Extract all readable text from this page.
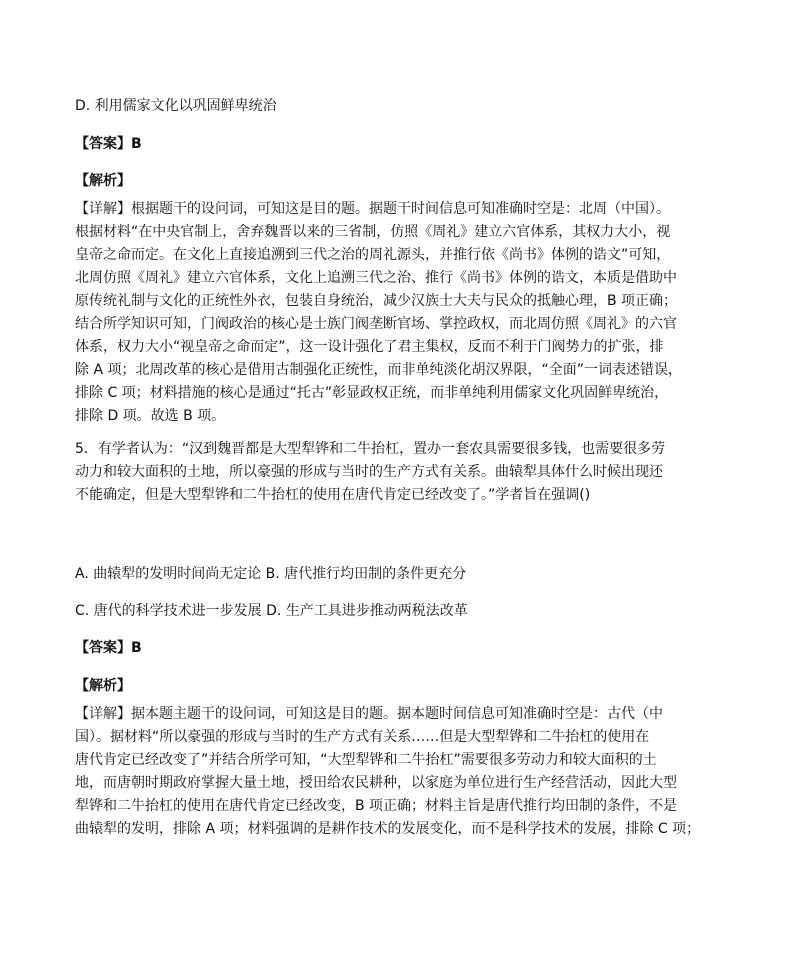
D. 利用儒家文化以巩固鲜卑统治
【答案】B
【解析】
【详解】根据题干的设问词，可知这是目的题。据题干时间信息可知准确时空是：北周（中国）。
根据材料“在中央官制上，舍弃魏晋以来的三省制，仿照《周礼》建立六官体系，其权力大小，视
皇帝之命而定。在文化上直接追溯到三代之治的周礼源头，并推行依《尚书》体例的诰文”可知，
北周仿照《周礼》建立六官体系，文化上追溯三代之治、推行《尚书》体例的诰文，本质是借助中
原传统礼制与文化的正统性外衣，包装自身统治，减少汉族士大夫与民众的抵触心理，B 项正确；
结合所学知识可知，门阀政治的核心是士族门阀垄断官场、掌控政权，而北周仿照《周礼》的六官
体系，权力大小“视皇帝之命而定”，这一设计强化了君主集权，反而不利于门阀势力的扩张，排
除 A 项；北周改革的核心是借用古制强化正统性，而非单纯淡化胡汉界限，“全面”一词表述错误，
排除 C 项；材料措施的核心是通过“托古”彰显政权正统，而非单纯利用儒家文化巩固鲜卑统治，
排除 D 项。故选 B 项。
5．有学者认为：“汉到魏晋都是大型犁铧和二牛抬杠，置办一套农具需要很多钱，也需要很多劳
动力和较大面积的土地，所以豪强的形成与当时的生产方式有关系。曲辕犁具体什么时候出现还
不能确定，但是大型犁铧和二牛抬杠的使用在唐代肯定已经改变了。”学者旨在强调()
A. 曲辕犁的发明时间尚无定论 B. 唐代推行均田制的条件更充分
C. 唐代的科学技术进一步发展 D. 生产工具进步推动两税法改革
【答案】B
【解析】
【详解】据本题主题干的设问词，可知这是目的题。据本题时间信息可知准确时空是：古代（中
国）。据材料“所以豪强的形成与当时的生产方式有关系……但是大型犁铧和二牛抬杠的使用在
唐代肯定已经改变了”并结合所学可知，“大型犁铧和二牛抬杠”需要很多劳动力和较大面积的土
地，而唐朝时期政府掌握大量土地，授田给农民耕种，以家庭为单位进行生产经营活动，因此大型
犁铧和二牛抬杠的使用在唐代肯定已经改变，B 项正确；材料主旨是唐代推行均田制的条件，不是
曲辕犁的发明，排除 A 项；材料强调的是耕作技术的发展变化，而不是科学技术的发展，排除 C 项；
